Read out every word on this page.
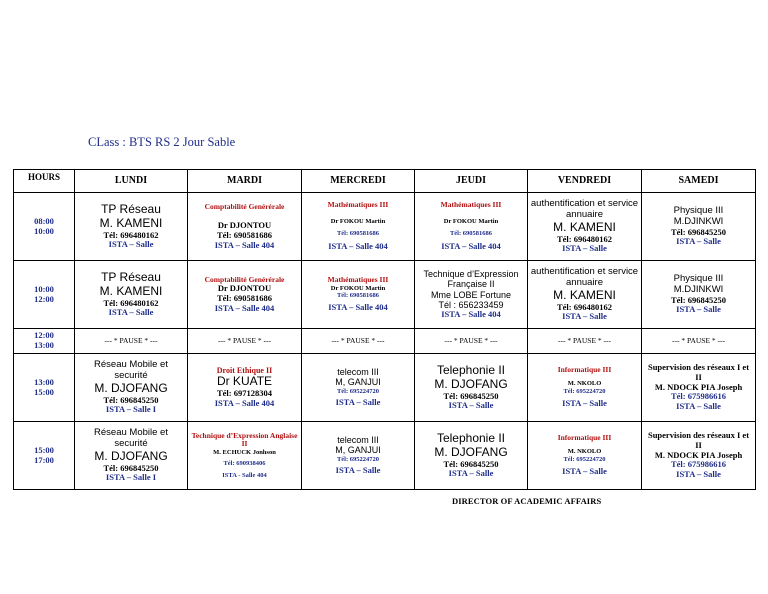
CLass : BTS RS 2 Jour Sable
HOURS	LUNDI	MARDI	MERCREDI	JEUDI	VENDREDI	SAMEDI

08:00
10:00	TP Réseau
M. KAMENI
Tél: 696480162
ISTA – Salle	Comptabilité Genérérale
Dr DJONTOU
Tél: 690581686
ISTA – Salle 404	Mathématiques III
Dr FOKOU Martin
Tél: 690581686
ISTA – Salle 404	Mathématiques III
Dr FOKOU Martin
Tél: 690581686
ISTA – Salle 404	authentification et service annuaire
M. KAMENI
Tél: 696480162
ISTA – Salle	Physique III
M.DJINKWI
Tél: 696845250
ISTA – Salle

10:00
12:00	TP Réseau
M. KAMENI
Tél: 696480162
ISTA – Salle	Comptabilité Genérérale
Dr DJONTOU
Tél: 690581686
ISTA – Salle 404	Mathématiques III
Dr FOKOU Martin
Tél: 690581686
ISTA – Salle 404	Technique d’Expression Française II
Mme LOBE Fortune
Tél : 656233459
ISTA – Salle 404	authentification et service annuaire
M. KAMENI
Tél: 696480162
ISTA – Salle	Physique III
M.DJINKWI
Tél: 696845250
ISTA – Salle

12:00
13:00	--- * PAUSE * ---	--- * PAUSE * ---	--- * PAUSE * ---	--- * PAUSE * ---	--- * PAUSE * ---	--- * PAUSE * ---

13:00
15:00	Réseau Mobile et securité
M. DJOFANG
Tél: 696845250
ISTA – Salle I	Droit Ethique II
Dr KUATE
Tél: 697128304
ISTA – Salle 404	telecom III
M, GANJUI
Tél: 695224720
ISTA – Salle	Telephonie II
M. DJOFANG
Tél: 696845250
ISTA – Salle	Informatique III
M. NKOLO
Tél: 695224720
ISTA – Salle	Supervision des réseaux I et II
M. NDOCK PIA Joseph
Tél: 675986616
ISTA – Salle

15:00
17:00	Réseau Mobile et securité
M. DJOFANG
Tél: 696845250
ISTA – Salle I	Technique d’Expression Anglaise II
M. ECHUCK Jonhson
Tél: 690938406
ISTA - Salle 404	telecom III
M, GANJUI
Tél: 695224720
ISTA – Salle	Telephonie II
M. DJOFANG
Tél: 696845250
ISTA – Salle	Informatique III
M. NKOLO
Tél: 695224720
ISTA – Salle	Supervision des réseaux I et II
M. NDOCK PIA Joseph
Tél: 675986616
ISTA – Salle
DIRECTOR OF ACADEMIC AFFAIRS
